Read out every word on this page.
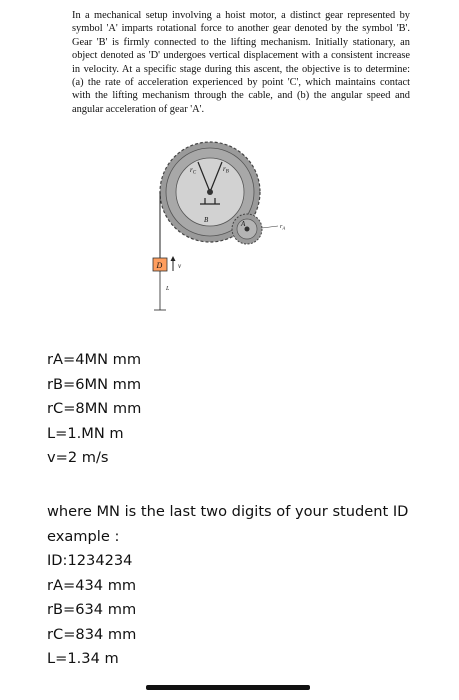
In a mechanical setup involving a hoist motor, a distinct gear represented by symbol 'A' imparts rotational force to another gear denoted by the symbol 'B'. Gear 'B' is firmly connected to the lifting mechanism. Initially stationary, an object denoted as 'D' undergoes vertical displacement with a consistent increase in velocity. At a specific stage during this ascent, the objective is to determine: (a) the rate of acceleration experienced by point 'C', which maintains contact with the lifting mechanism through the cable, and (b) the angular speed and angular acceleration of gear 'A'.
$r_C$	$r_B$
B	A	$r_A$
D v
L
rA=4MN mm
rB=6MN mm
rC=8MN mm
L=1.MN m
v=2 m/s

where MN is the last two digits of your student ID

example :

ID:1234234

rA=434 mm

rB=634 mm

rC=834 mm

L=1.34 m
